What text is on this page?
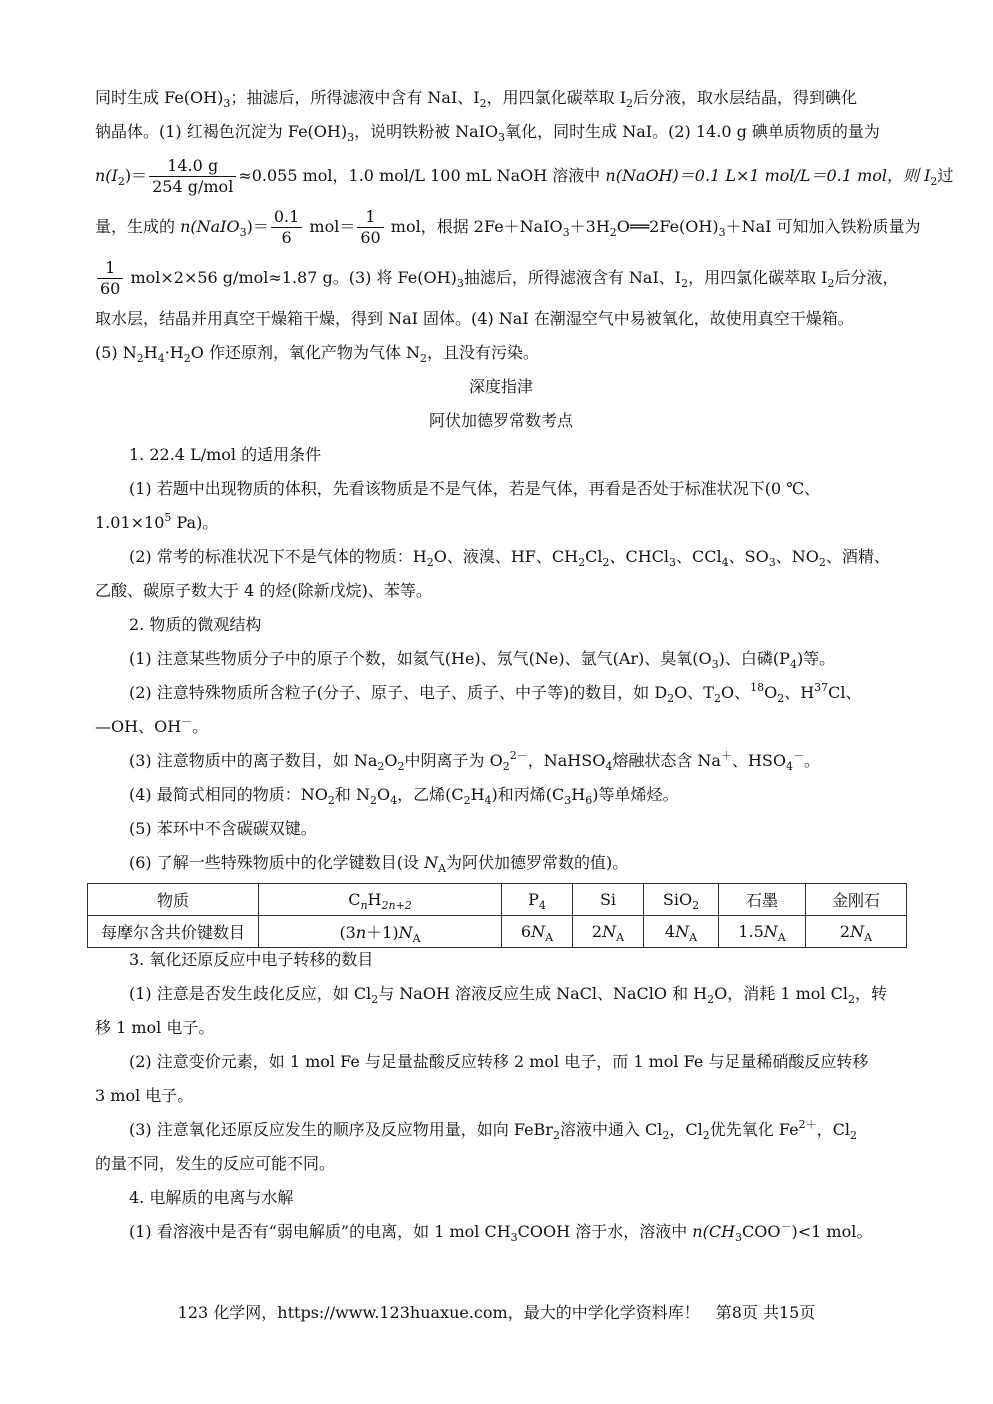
同时生成 $Fe(OH)_3$；抽滤后，所得滤液中含有 NaI、$I_2$，用四氯化碳萃取 $I_2$后分液，取水层结晶，得到碘化
钠晶体。(1) 红褐色沉淀为 $Fe(OH)_3$，说明铁粉被 NaIO$_3$氧化，同时生成 NaI。(2) 14.0 g 碘单质物质的量为
$n(I_2)= \frac{14.0 g}{\text{254 g/mol}} \approx 0.055$ mol，1.0 mol/L 100 mL NaOH 溶液中 n(NaOH)＝0.1 L×1 mol/L＝0.1 mol，则 $I_2$过
量，生成的 n(NaIO$_3$)＝ $\frac{0.1}{6} mol= \frac{1}{60}$ mol，根据 $2Fe+NaIO_3+3H_2O══2Fe(OH)_3+NaI$ 可知加入铁粉质量为
$\frac{1}{60} mol\times 2\times 56$ g/mol≈1.87 g。(3) 将 $Fe(OH)_3$抽滤后，所得滤液含有 NaI、$I_2$，用四氯化碳萃取 $I_2$后分液，
取水层，结晶并用真空干燥箱干燥，得到 NaI 固体。(4) NaI 在潮湿空气中易被氧化，故使用真空干燥箱。
(5) $N_2H_4\cdot H_2O$ 作还原剂，氧化产物为气体 $N_2$，且没有污染。
深度指津
阿伏加德罗常数考点
1. 22.4 L/mol 的适用条件
(1) 若题中出现物质的体积，先看该物质是不是气体，若是气体，再看是否处于标准状况下(0 ℃、
$1.01\times 10^5$ Pa)。
(2) 常考的标准状况下不是气体的物质：$H_2O$、液溴、HF、$CH_2Cl_2$、CHCl$_3$、CCl$_4$、$SO_3$、$NO_2$、酒精、
乙酸、碳原子数大于 4 的烃(除新戊烷)、苯等。
2. 物质的微观结构
(1) 注意某些物质分子中的原子个数，如氦气(He)、氖气(Ne)、氩气(Ar)、臭氧$(O_3)$、白磷$(P_4)$等。
(2) 注意特殊物质所含粒子(分子、原子、电子、质子、中子等)的数目，如 $D_2O$、$T_2O$、$^{18}O_2$、$H^{37}Cl$、
—OH、OH－。
(3) 注意物质中的离子数目，如 $Na_2O_2$中阴离子为 $O_2^{2-}$，NaHSO$_4$熔融状态含 Na＋、$HSO_4^-$。
(4) 最简式相同的物质：$NO_2$和 $N_2O_4$，乙烯$(C_2H_4)$和丙烯$(C_3H_6)$等单烯烃。
(5) 苯环中不含碳碳双键。
(6) 了解一些特殊物质中的化学键数目(设 $N_A$为阿伏加德罗常数的值)。
物质	$C_nH_{2n+2}$	$P_4$	Si	SiO$_2$	石墨	金刚石
每摩尔含共价键数目	$(3n+1)N_A$	$6N_A$	$2N_A$	$4N_A$	$1.5N_A$	$2N_A$
3. 氧化还原反应中电子转移的数目
(1) 注意是否发生歧化反应，如 $Cl_2$与 NaOH 溶液反应生成 NaCl、NaClO 和 $H_2O$，消耗 1 mol $Cl_2$，转
移 1 mol 电子。
(2) 注意变价元素，如 1 mol Fe 与足量盐酸反应转移 2 mol 电子，而 1 mol Fe 与足量稀硝酸反应转移
3 mol 电子。
(3) 注意氧化还原反应发生的顺序及反应物用量，如向 FeBr$_2$溶液中通入 $Cl_2$，$Cl_2$优先氧化 $Fe^{2+}$，$Cl_2$
的量不同，发生的反应可能不同。
4. 电解质的电离与水解
(1) 看溶液中是否有“弱电解质”的电离，如 1 mol $CH_3COOH$ 溶于水，溶液中 $n(CH_3COO^-)<1$ mol。
123 化学网，https://www.123huaxue.com，最大的中学化学资料库！　第8页 共15页
